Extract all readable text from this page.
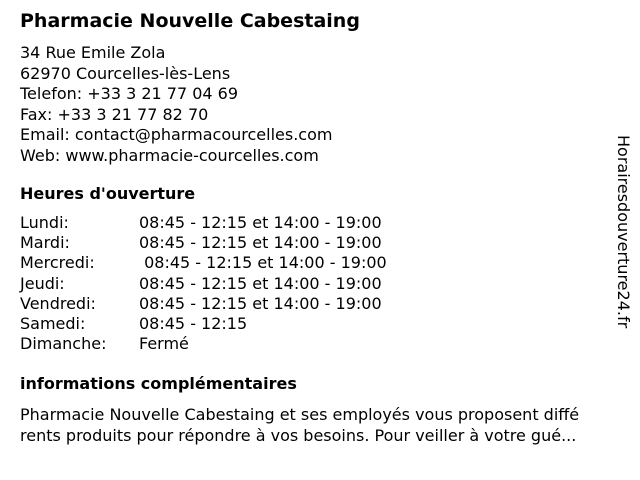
Pharmacie Nouvelle Cabestaing
34 Rue Emile Zola
62970 Courcelles-lès-Lens
Telefon: +33 3 21 77 04 69
Fax: +33 3 21 77 82 70
Email: contact@pharmacourcelles.com
Web: www.pharmacie-courcelles.com
Heures d'ouverture
Lundi:	08:45 - 12:15 et 14:00 - 19:00
Mardi:	08:45 - 12:15 et 14:00 - 19:00
Mercredi:	08:45 - 12:15 et 14:00 - 19:00
Jeudi:	08:45 - 12:15 et 14:00 - 19:00
Vendredi:	08:45 - 12:15 et 14:00 - 19:00
Samedi:	08:45 - 12:15
Dimanche: Fermé
informations complémentaires
Pharmacie Nouvelle Cabestaing et ses employés vous proposent diffé
rents produits pour répondre à vos besoins. Pour veiller à votre gué...
Horairesdouverture24.fr
